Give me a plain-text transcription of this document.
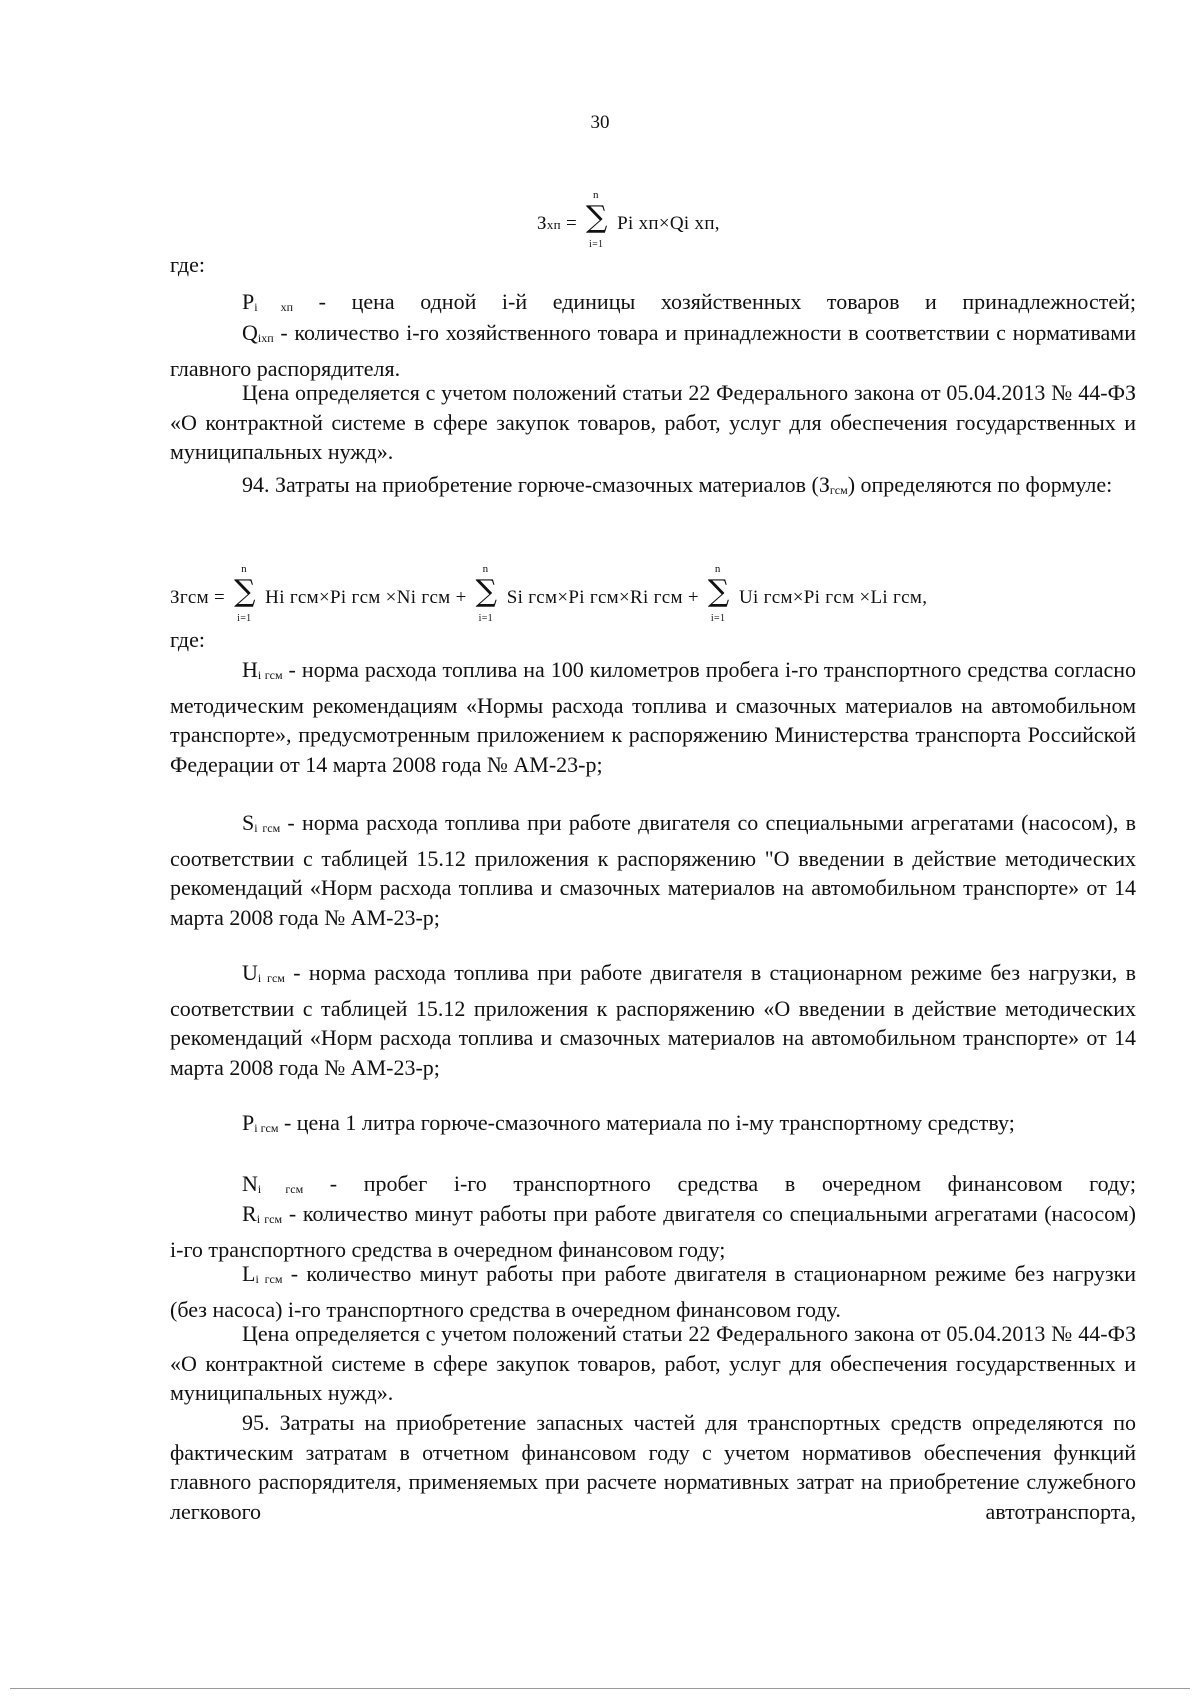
30
Зхп =
n
∑
i=1
Pi хп×Qi хп,
где:
$P_{i хп}$ - цена одной i-й единицы хозяйственных товаров и принадлежностей;
$Q_{iхп}$ - количество i-го хозяйственного товара и принадлежности в соответствии с нормативами главного распорядителя.
Цена определяется с учетом положений статьи 22 Федерального закона от 05.04.2013 № 44-ФЗ «О контрактной системе в сфере закупок товаров, работ, услуг для обеспечения государственных и муниципальных нужд».
94. Затраты на приобретение горюче-смазочных материалов $(З_{гсм})$ определяются по формуле:
Згсм =
n
∑
i=1
Hi гсм×Pi гсм ×Ni гсм +
n
∑
i=1
Si гсм×Pi гсм×Ri гсм +
n
∑
i=1
Ui гсм×Pi гсм ×Li гсм,
где:
$H_{i гсм}$ - норма расхода топлива на 100 километров пробега i-го транспортного средства согласно методическим рекомендациям «Нормы расхода топлива и смазочных материалов на автомобильном транспорте», предусмотренным приложением к распоряжению Министерства транспорта Российской Федерации от 14 марта 2008 года № АМ-23-р;
$S_{i гсм}$ - норма расхода топлива при работе двигателя со специальными агрегатами (насосом), в соответствии с таблицей 15.12 приложения к распоряжению "О введении в действие методических рекомендаций «Норм расхода топлива и смазочных материалов на автомобильном транспорте» от 14 марта 2008 года № АМ-23-р;
$U_{i гсм}$ - норма расхода топлива при работе двигателя в стационарном режиме без нагрузки, в соответствии с таблицей 15.12 приложения к распоряжению «О введении в действие методических рекомендаций «Норм расхода топлива и смазочных материалов на автомобильном транспорте» от 14 марта 2008 года № АМ-23-р;
$P_{i гсм}$ - цена 1 литра горюче-смазочного материала по i-му транспортному средству;
$N_{i гсм}$ - пробег i-го транспортного средства в очередном финансовом году;
$R_{i гсм}$ - количество минут работы при работе двигателя со специальными агрегатами (насосом) i-го транспортного средства в очередном финансовом году;
$L_{i гсм}$ - количество минут работы при работе двигателя в стационарном режиме без нагрузки (без насоса) i-го транспортного средства в очередном финансовом году.
Цена определяется с учетом положений статьи 22 Федерального закона от 05.04.2013 № 44-ФЗ «О контрактной системе в сфере закупок товаров, работ, услуг для обеспечения государственных и муниципальных нужд».
95. Затраты на приобретение запасных частей для транспортных средств определяются по фактическим затратам в отчетном финансовом году с учетом нормативов обеспечения функций главного распорядителя, применяемых при расчете нормативных затрат на приобретение служебного легкового автотранспорта,
